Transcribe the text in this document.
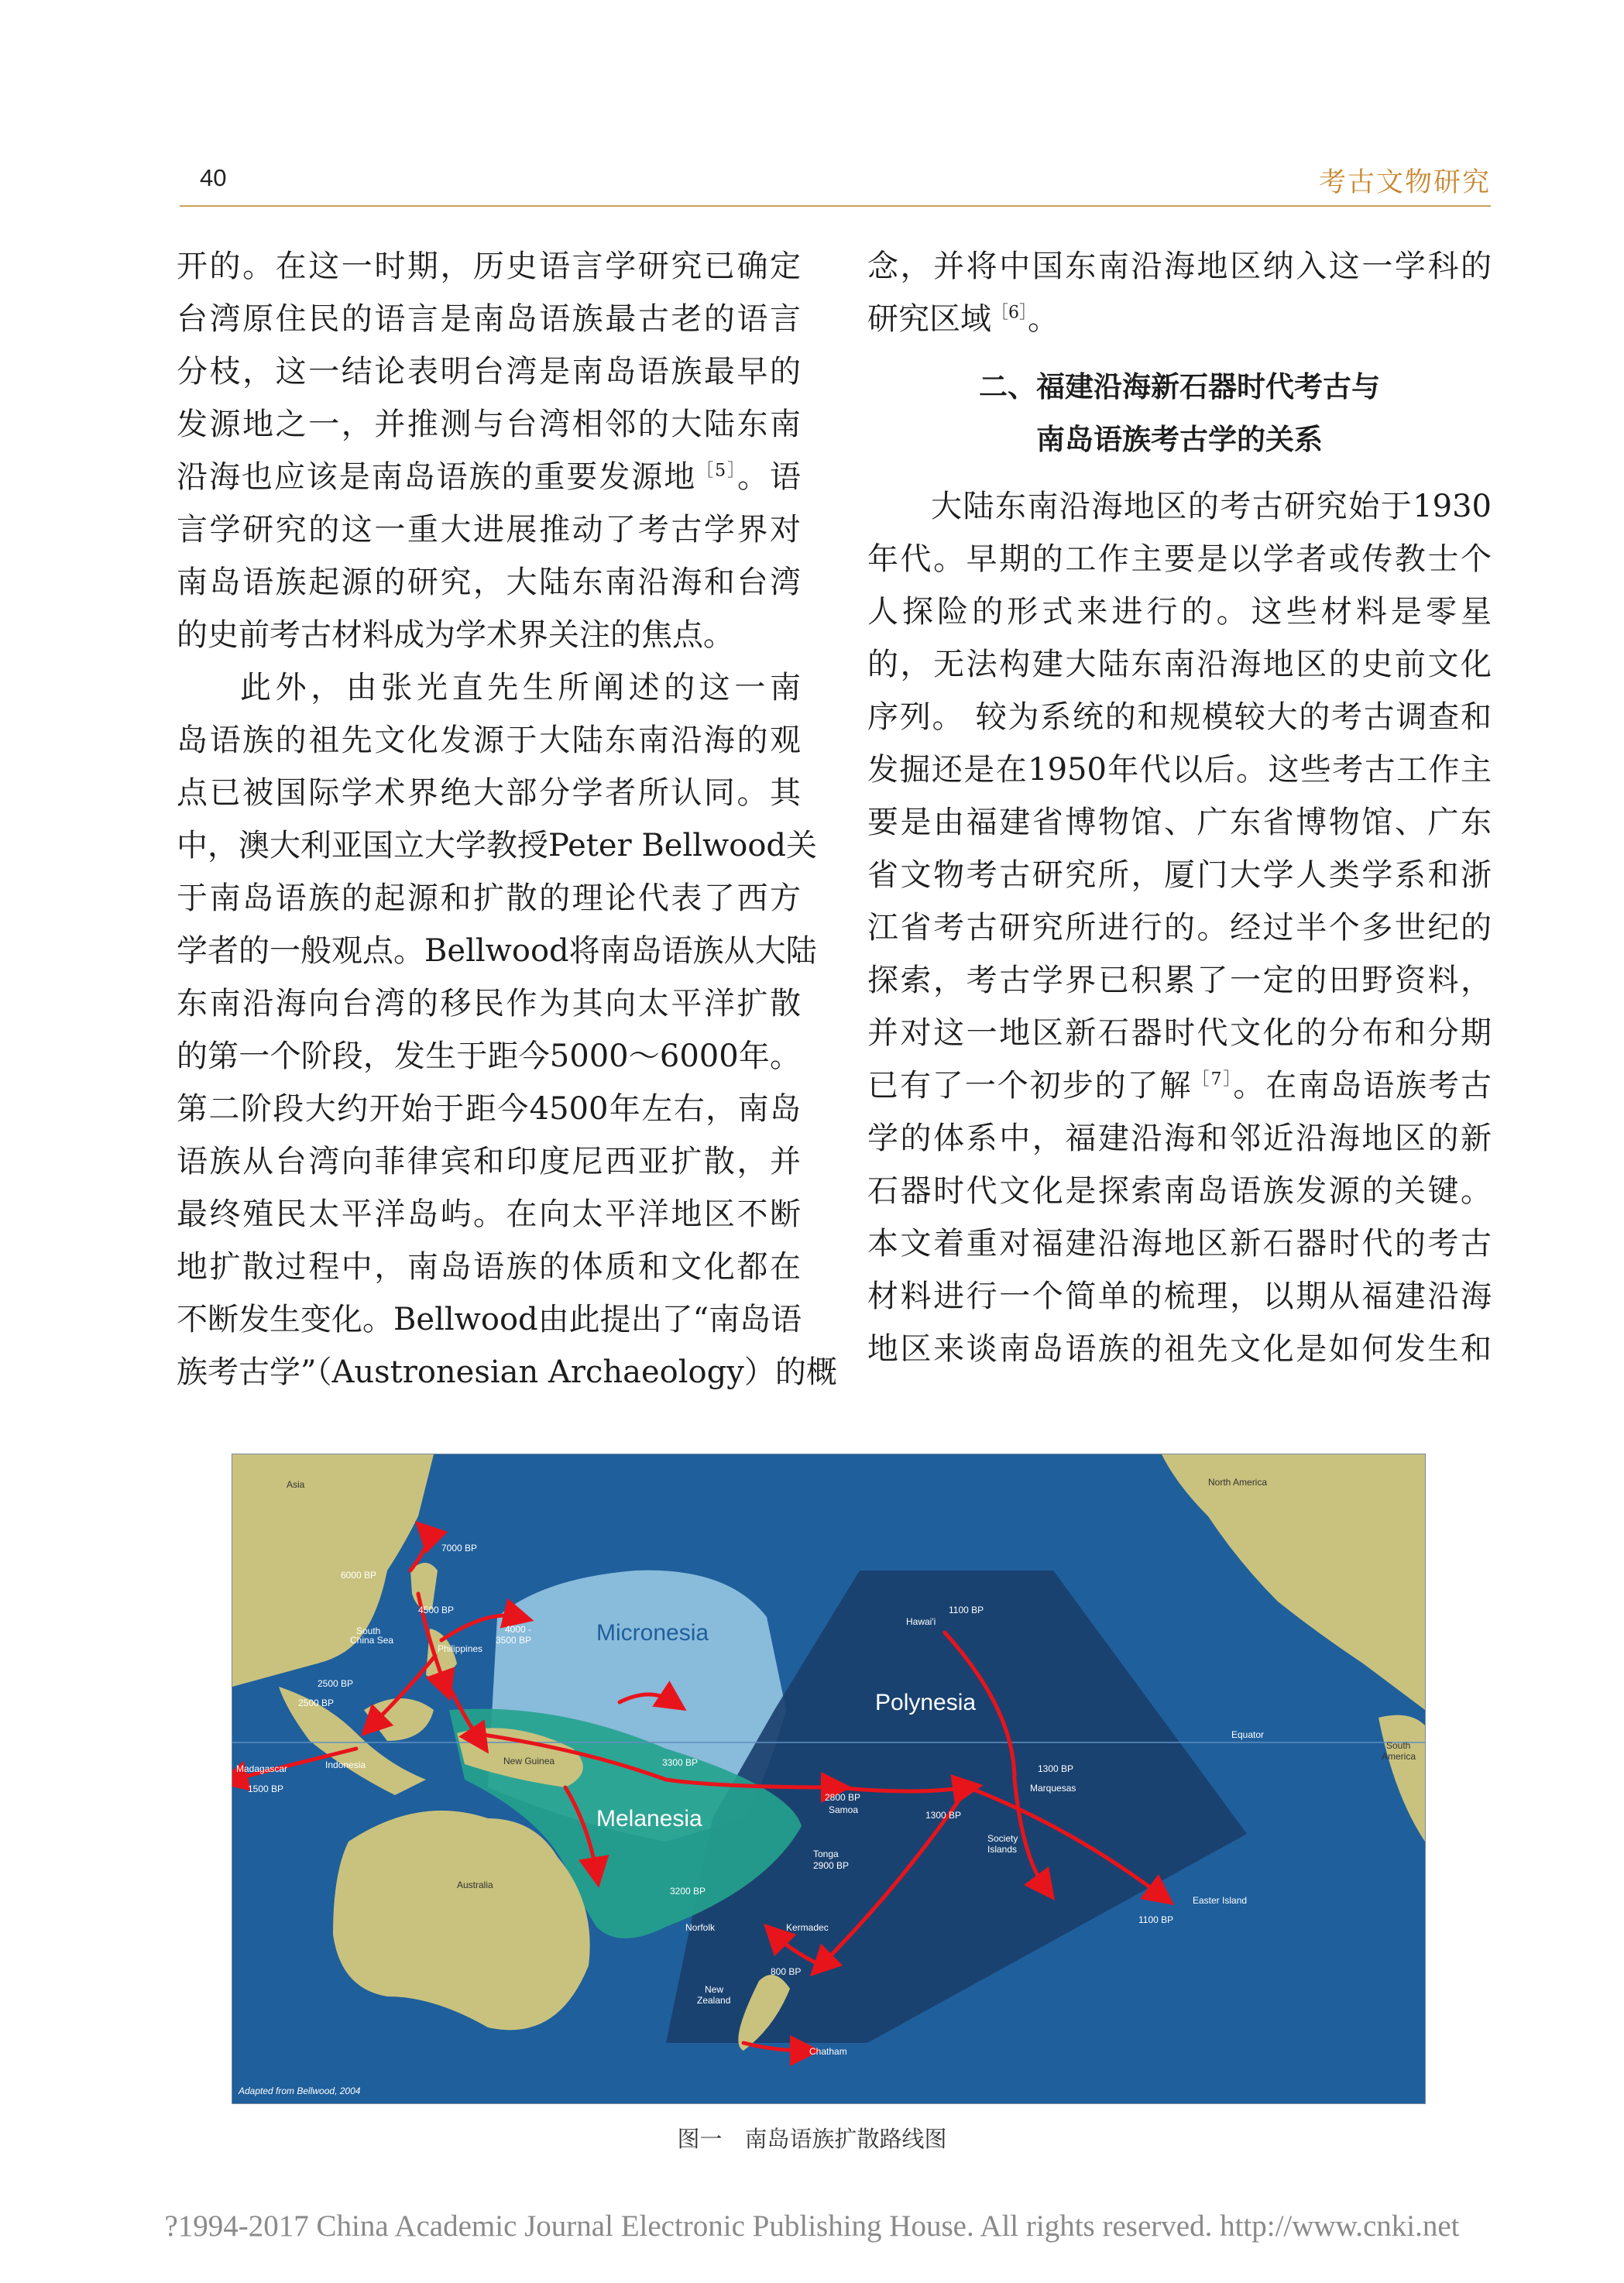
40	考古文物研究
开的。在这一时期，历史语言学研究已确定
台湾原住民的语言是南岛语族最古老的语言
分枝，这一结论表明台湾是南岛语族最早的
发源地之一，并推测与台湾相邻的大陆东南
沿海也应该是南岛语族的重要发源地$^{[5]}$。语
言学研究的这一重大进展推动了考古学界对
南岛语族起源的研究，大陆东南沿海和台湾
的史前考古材料成为学术界关注的焦点。
此外，由张光直先生所阐述的这一南
岛语族的祖先文化发源于大陆东南沿海的观
点已被国际学术界绝大部分学者所认同。其
中，澳大利亚国立大学教授Peter Bellwood关
于南岛语族的起源和扩散的理论代表了西方
学者的一般观点。Bellwood将南岛语族从大陆
东南沿海向台湾的移民作为其向太平洋扩散
的第一个阶段，发生于距今5000～6000年。
第二阶段大约开始于距今4500年左右，南岛
语族从台湾向菲律宾和印度尼西亚扩散，并
最终殖民太平洋岛屿。在向太平洋地区不断
地扩散过程中，南岛语族的体质和文化都在
不断发生变化。Bellwood由此提出了“南岛语
族考古学”（Austronesian Archaeology）的概
念，并将中国东南沿海地区纳入这一学科的
研究区域$^{[6]}$。
二、福建沿海新石器时代考古与
南岛语族考古学的关系
大陆东南沿海地区的考古研究始于1930
年代。早期的工作主要是以学者或传教士个
人探险的形式来进行的。这些材料是零星
的，无法构建大陆东南沿海地区的史前文化
序列。 较为系统的和规模较大的考古调查和
发掘还是在1950年代以后。这些考古工作主
要是由福建省博物馆、广东省博物馆、广东
省文物考古研究所，厦门大学人类学系和浙
江省考古研究所进行的。经过半个多世纪的
探索，考古学界已积累了一定的田野资料，
并对这一地区新石器时代文化的分布和分期
已有了一个初步的了解$^{[7]}$。在南岛语族考古
学的体系中，福建沿海和邻近沿海地区的新
石器时代文化是探索南岛语族发源的关键。
本文着重对福建沿海地区新石器时代的考古
材料进行一个简单的梳理，以期从福建沿海
地区来谈南岛语族的祖先文化是如何发生和
Micronesia
Polynesia
Melanesia
Asia	North America
South
America
Australia
Philippines
South
China Sea
Indonesia
Madagascar
New Guinea
Hawai'i
Marquesas
Society
Islands
Samoa
Tonga
Easter Island
Norfolk	Kermadec
New
Zealand
Chatham
Equator
7000 BP
6000 BP
4500 BP
4000 -
3500 BP
2500 BP
2500 BP
1500 BP
3300 BP
3200 BP
2800 BP
2900 BP
1300 BP
1300 BP
1100 BP
1100 BP
800 BP
Adapted from Bellwood, 2004
图一　南岛语族扩散路线图
?1994-2017 China Academic Journal Electronic Publishing House. All rights reserved. http://www.cnki.net
